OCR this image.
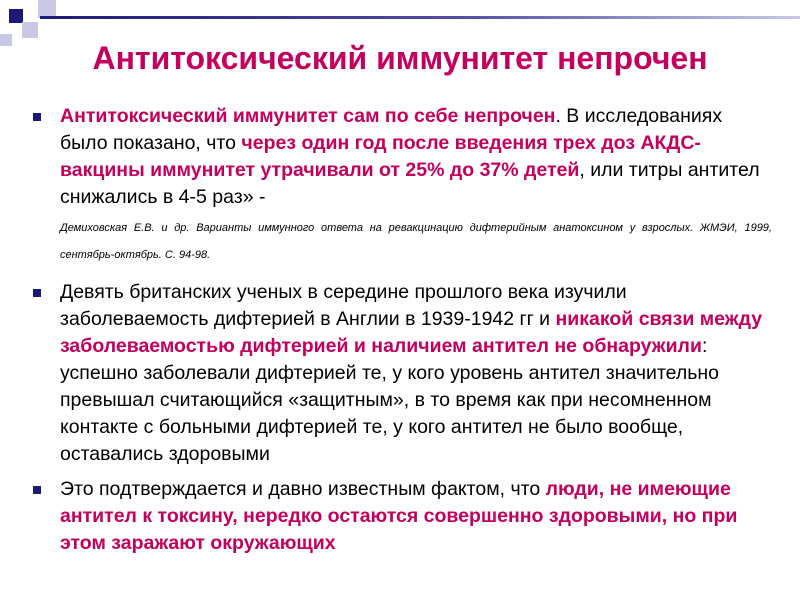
Антитоксический иммунитет непрочен
Антитоксический иммунитет сам по себе непрочен. В исследованиях было показано, что через один год после введения трех доз АКДС-вакцины иммунитет утрачивали от 25% до 37% детей, или титры антител снижались в 4-5 раз» -
Демиховская Е.В. и др. Варианты иммунного ответа на ревакцинацию дифтерийным анатоксином у взрослых. ЖМЭИ, 1999, сентябрь-октябрь. С. 94-98.
Девять британских ученых в середине прошлого века изучили заболеваемость дифтерией в Англии в 1939-1942 гг и никакой связи между заболеваемостью дифтерией и наличием антител не обнаружили: успешно заболевали дифтерией те, у кого уровень антител значительно превышал считающийся «защитным», в то время как при несомненном контакте с больными дифтерией те, у кого антител не было вообще, оставались здоровыми
Это подтверждается и давно известным фактом, что люди, не имеющие антител к токсину, нередко остаются совершенно здоровыми, но при этом заражают окружающих
